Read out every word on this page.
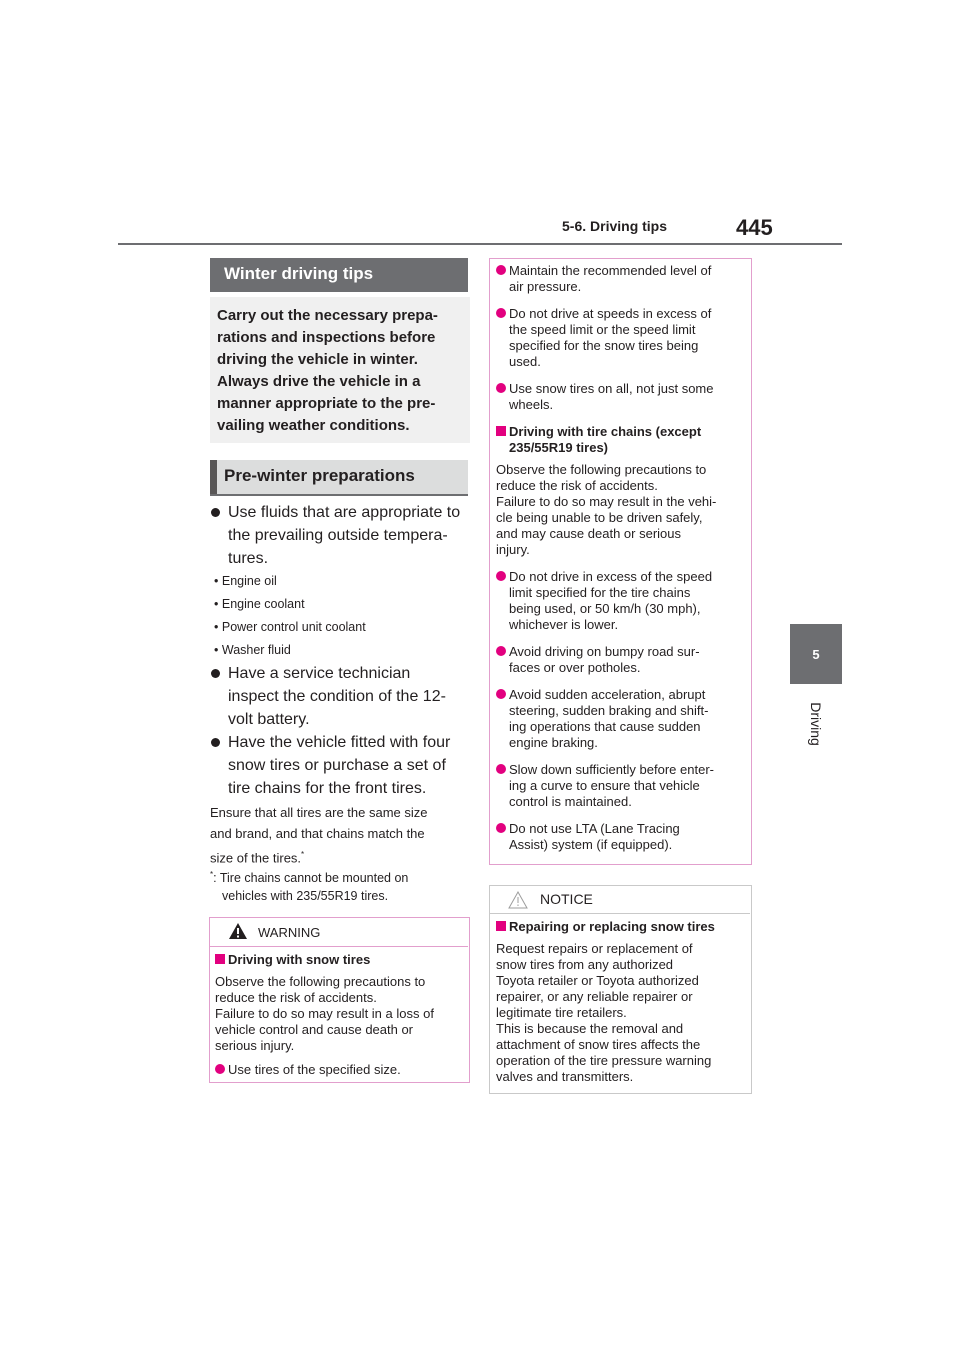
5-6. Driving tips	445
5
Driving
Winter driving tips
Carry out the necessary prepa-
rations and inspections before
driving the vehicle in winter.
Always drive the vehicle in a
manner appropriate to the pre-
vailing weather conditions.
Pre-winter preparations
Use fluids that are appropriate to
the prevailing outside tempera-
tures.
• Engine oil
• Engine coolant
• Power control unit coolant
• Washer fluid
Have a service technician
inspect the condition of the 12-
volt battery.
Have the vehicle fitted with four
snow tires or purchase a set of
tire chains for the front tires.
Ensure that all tires are the same size
and brand, and that chains match the
size of the tires.*
*: Tire chains cannot be mounted on
vehicles with 235/55R19 tires.
WARNING
Driving with snow tires
Observe the following precautions to
reduce the risk of accidents.
Failure to do so may result in a loss of
vehicle control and cause death or
serious injury.
Use tires of the specified size.
Maintain the recommended level of
air pressure.
Do not drive at speeds in excess of
the speed limit or the speed limit
specified for the snow tires being
used.
Use snow tires on all, not just some
wheels.
Driving with tire chains (except
235/55R19 tires)
Observe the following precautions to
reduce the risk of accidents.
Failure to do so may result in the vehi-
cle being unable to be driven safely,
and may cause death or serious
injury.
Do not drive in excess of the speed
limit specified for the tire chains
being used, or 50 km/h (30 mph),
whichever is lower.
Avoid driving on bumpy road sur-
faces or over potholes.
Avoid sudden acceleration, abrupt
steering, sudden braking and shift-
ing operations that cause sudden
engine braking.
Slow down sufficiently before enter-
ing a curve to ensure that vehicle
control is maintained.
Do not use LTA (Lane Tracing
Assist) system (if equipped).
NOTICE
Repairing or replacing snow tires
Request repairs or replacement of
snow tires from any authorized
Toyota retailer or Toyota authorized
repairer, or any reliable repairer or
legitimate tire retailers.
This is because the removal and
attachment of snow tires affects the
operation of the tire pressure warning
valves and transmitters.
